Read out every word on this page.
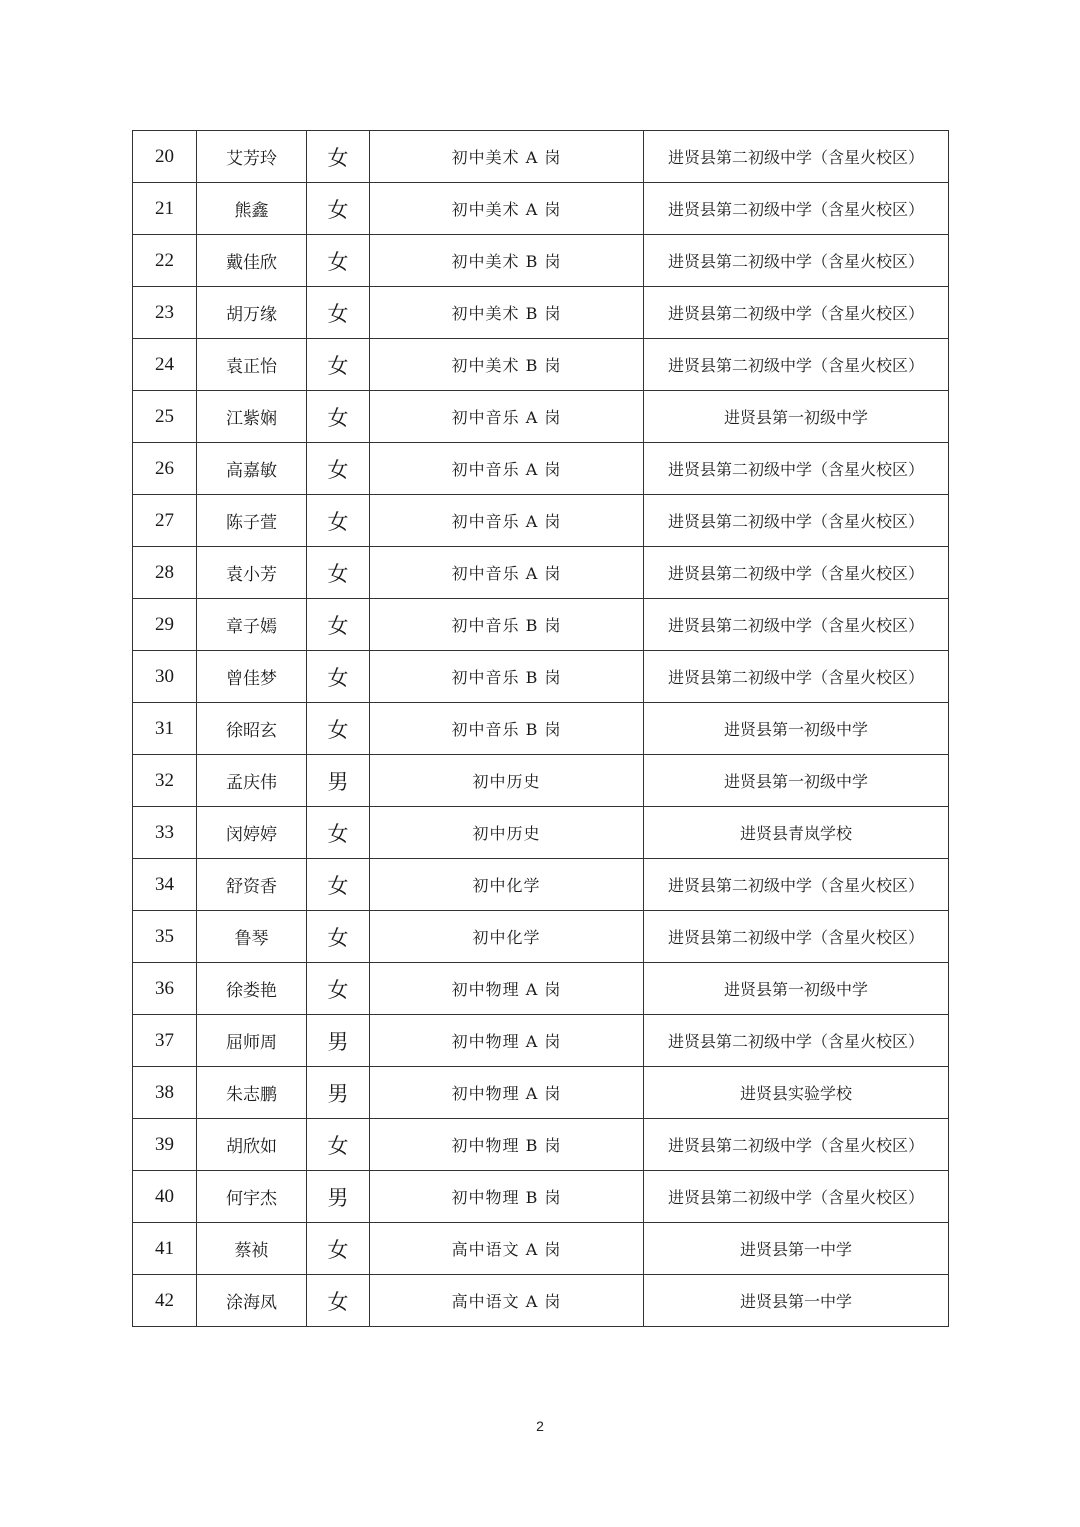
20	艾芳玲	女	初中美术 A 岗	进贤县第二初级中学（含星火校区）
21	熊鑫	女	初中美术 A 岗	进贤县第二初级中学（含星火校区）
22	戴佳欣	女	初中美术 B 岗	进贤县第二初级中学（含星火校区）
23	胡万缘	女	初中美术 B 岗	进贤县第二初级中学（含星火校区）
24	袁正怡	女	初中美术 B 岗	进贤县第二初级中学（含星火校区）
25	江紫娴	女	初中音乐 A 岗	进贤县第一初级中学
26	高嘉敏	女	初中音乐 A 岗	进贤县第二初级中学（含星火校区）
27	陈子萱	女	初中音乐 A 岗	进贤县第二初级中学（含星火校区）
28	袁小芳	女	初中音乐 A 岗	进贤县第二初级中学（含星火校区）
29	章子嫣	女	初中音乐 B 岗	进贤县第二初级中学（含星火校区）
30	曾佳梦	女	初中音乐 B 岗	进贤县第二初级中学（含星火校区）
31	徐昭玄	女	初中音乐 B 岗	进贤县第一初级中学
32	孟庆伟	男	初中历史	进贤县第一初级中学
33	闵婷婷	女	初中历史	进贤县青岚学校
34	舒资香	女	初中化学	进贤县第二初级中学（含星火校区）
35	鲁琴	女	初中化学	进贤县第二初级中学（含星火校区）
36	徐娄艳	女	初中物理 A 岗	进贤县第一初级中学
37	屈师周	男	初中物理 A 岗	进贤县第二初级中学（含星火校区）
38	朱志鹏	男	初中物理 A 岗	进贤县实验学校
39	胡欣如	女	初中物理 B 岗	进贤县第二初级中学（含星火校区）
40	何宇杰	男	初中物理 B 岗	进贤县第二初级中学（含星火校区）
41	蔡祯	女	高中语文 A 岗	进贤县第一中学
42	涂海凤	女	高中语文 A 岗	进贤县第一中学
2
